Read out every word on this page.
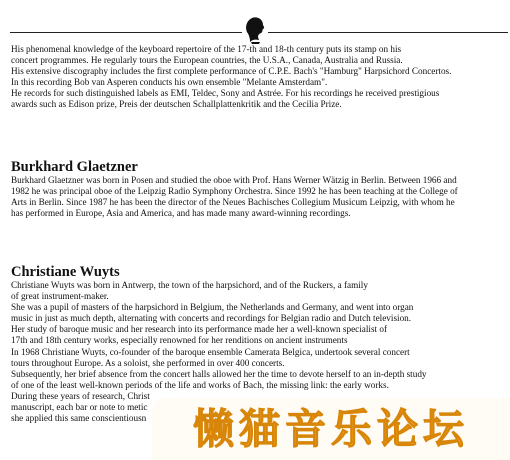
His phenomenal knowledge of the keyboard repertoire of the 17-th and 18-th century puts its stamp on his

concert programmes. He regularly tours the European countries, the U.S.A., Canada, Australia and Russia.

His extensive discography includes the first complete performance of C.P.E. Bach's "Hamburg" Harpsichord Concertos.

In this recording Bob van Asperen conducts his own ensemble "Melante Amsterdam".

He records for such distinguished labels as EMI, Teldec, Sony and Astrée. For his recordings he received prestigious

awards such as Edison prize, Preis der deutschen Schallplattenkritik and the Cecilia Prize.

Burkhard Glaetzner

Burkhard Glaetzner was born in Posen and studied the oboe with Prof. Hans Werner Wätzig in Berlin. Between 1966 and

1982 he was principal oboe of the Leipzig Radio Symphony Orchestra. Since 1992 he has been teaching at the College of

Arts in Berlin. Since 1987 he has been the director of the Neues Bachisches Collegium Musicum Leipzig, with whom he

has performed in Europe, Asia and America, and has made many award-winning recordings.

Christiane Wuyts

Christiane Wuyts was born in Antwerp, the town of the harpsichord, and of the Ruckers, a family

of great instrument-maker.

She was a pupil of masters of the harpsichord in Belgium, the Netherlands and Germany, and went into organ

music in just as much depth, alternating with concerts and recordings for Belgian radio and Dutch television.

Her study of baroque music and her research into its performance made her a well-known specialist of

17th and 18th century works, especially renowned for her renditions on ancient instruments

In 1968 Christiane Wuyts, co-founder of the baroque ensemble Camerata Belgica, undertook several concert

tours throughout Europe. As a soloist, she performed in over 400 concerts.

Subsequently, her brief absence from the concert halls allowed her the time to devote herself to an in-depth study

of one of the least well-known periods of the life and works of Bach, the missing link: the early works.

During these years of research, Christ

manuscript, each bar or note to metic

she applied this same conscientiousn	懒猫音乐论坛
